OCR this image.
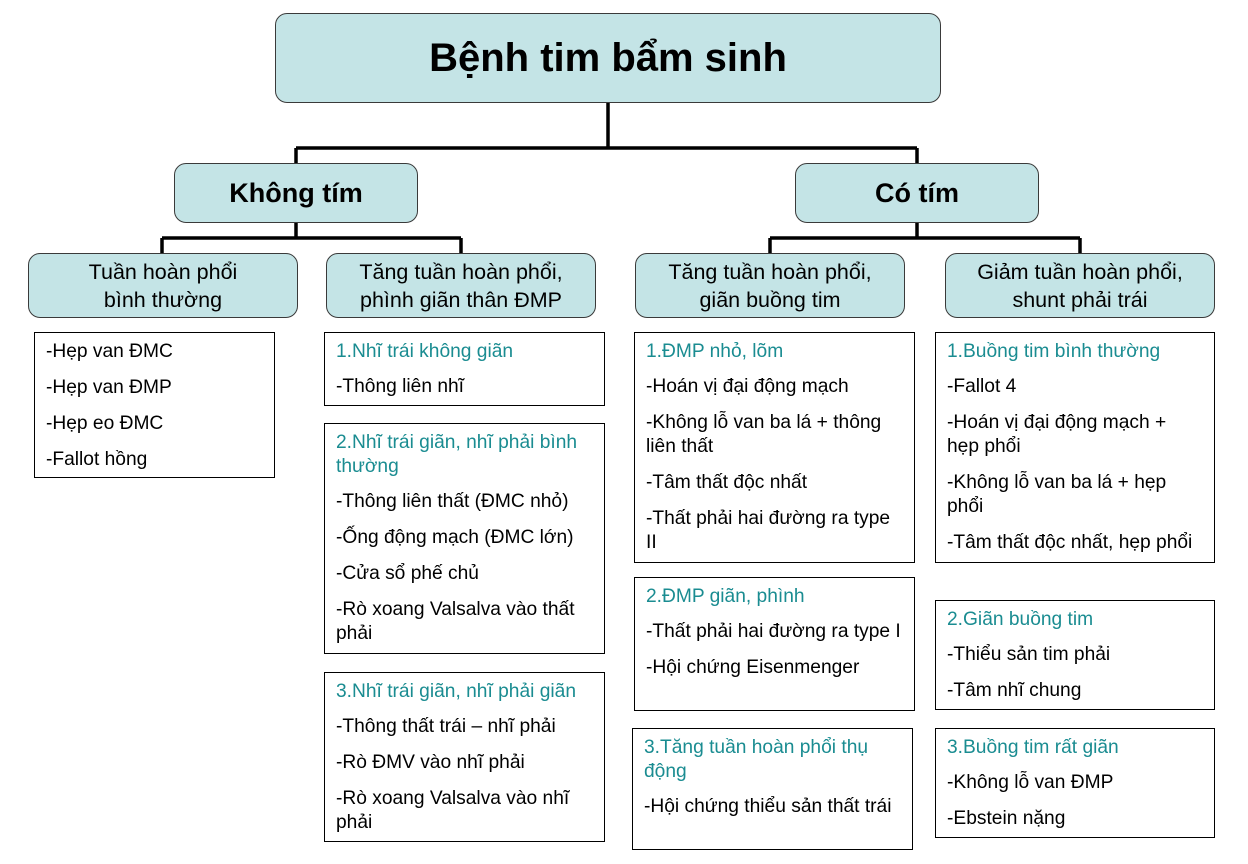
Bệnh tim bẩm sinh
Không tím	Có tím
Tuần hoàn phổi
bình thường
Tăng tuần hoàn phổi,
phình giãn thân ĐMP
Tăng tuần hoàn phổi,
giãn buồng tim
Giảm tuần hoàn phổi,
shunt phải trái
-Hẹp van ĐMC
-Hẹp van ĐMP
-Hẹp eo ĐMC
-Fallot hồng
1.Nhĩ trái không giãn
-Thông liên nhĩ
2.Nhĩ trái giãn, nhĩ phải bình thường
-Thông liên thất (ĐMC nhỏ)
-Ống động mạch (ĐMC lớn)
-Cửa sổ phế chủ
-Rò xoang Valsalva vào thất phải
3.Nhĩ trái giãn, nhĩ phải giãn
-Thông thất trái – nhĩ phải
-Rò ĐMV vào nhĩ phải
-Rò xoang Valsalva vào nhĩ phải
1.ĐMP nhỏ, lõm
-Hoán vị đại động mạch
-Không lỗ van ba lá + thông liên thất
-Tâm thất độc nhất
-Thất phải hai đường ra type II
2.ĐMP giãn, phình
-Thất phải hai đường ra type I
-Hội chứng Eisenmenger
3.Tăng tuần hoàn phổi thụ động
-Hội chứng thiểu sản thất trái
1.Buồng tim bình thường
-Fallot 4
-Hoán vị đại động mạch + hẹp phổi
-Không lỗ van ba lá + hẹp phổi
-Tâm thất độc nhất, hẹp phổi
2.Giãn buồng tim
-Thiểu sản tim phải
-Tâm nhĩ chung
3.Buồng tim rất giãn
-Không lỗ van ĐMP
-Ebstein nặng
